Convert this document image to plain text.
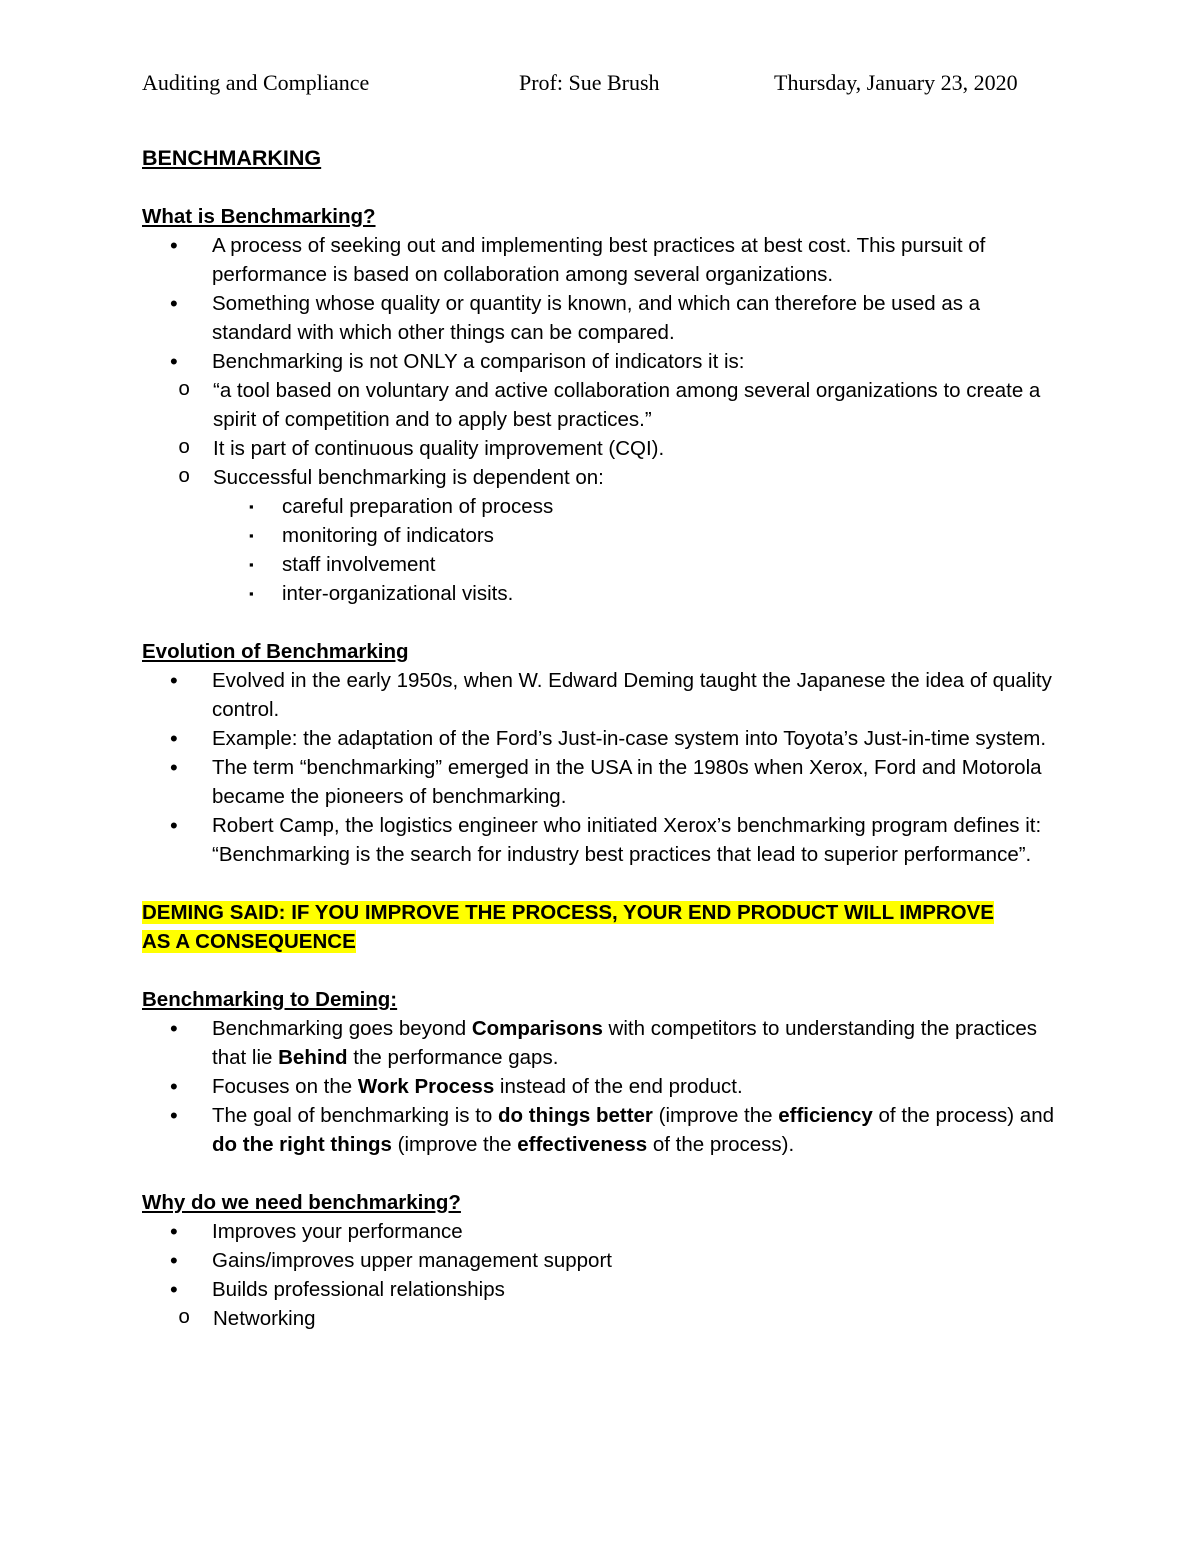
Auditing and Compliance	Prof: Sue Brush	Thursday, January 23, 2020

BENCHMARKING

What is Benchmarking?

•	A process of seeking out and implementing best practices at best cost. This pursuit of performance is based on collaboration among several organizations.
•	Something whose quality or quantity is known, and which can therefore be used as a standard with which other things can be compared.
•	Benchmarking is not ONLY a comparison of indicators it is:
o	“a tool based on voluntary and active collaboration among several organizations to create a spirit of competition and to apply best practices.”
o	It is part of continuous quality improvement (CQI).
o	Successful benchmarking is dependent on:
▪	careful preparation of process
▪	monitoring of indicators
▪	staff involvement
▪	inter-organizational visits.

Evolution of Benchmarking

•	Evolved in the early 1950s, when W. Edward Deming taught the Japanese the idea of quality control.
•	Example: the adaptation of the Ford’s Just-in-case system into Toyota’s Just-in-time system.
•	The term “benchmarking” emerged in the USA in the 1980s when Xerox, Ford and Motorola became the pioneers of benchmarking.
•	Robert Camp, the logistics engineer who initiated Xerox’s benchmarking program defines it: “Benchmarking is the search for industry best practices that lead to superior performance”.

DEMING SAID: IF YOU IMPROVE THE PROCESS, YOUR END PRODUCT WILL IMPROVE AS A CONSEQUENCE

Benchmarking to Deming:

•	Benchmarking goes beyond Comparisons with competitors to understanding the practices that lie Behind the performance gaps.
•	Focuses on the Work Process instead of the end product.
•	The goal of benchmarking is to do things better (improve the efficiency of the process) and do the right things (improve the effectiveness of the process).

Why do we need benchmarking?

•	Improves your performance
•	Gains/improves upper management support
•	Builds professional relationships
o	Networking
